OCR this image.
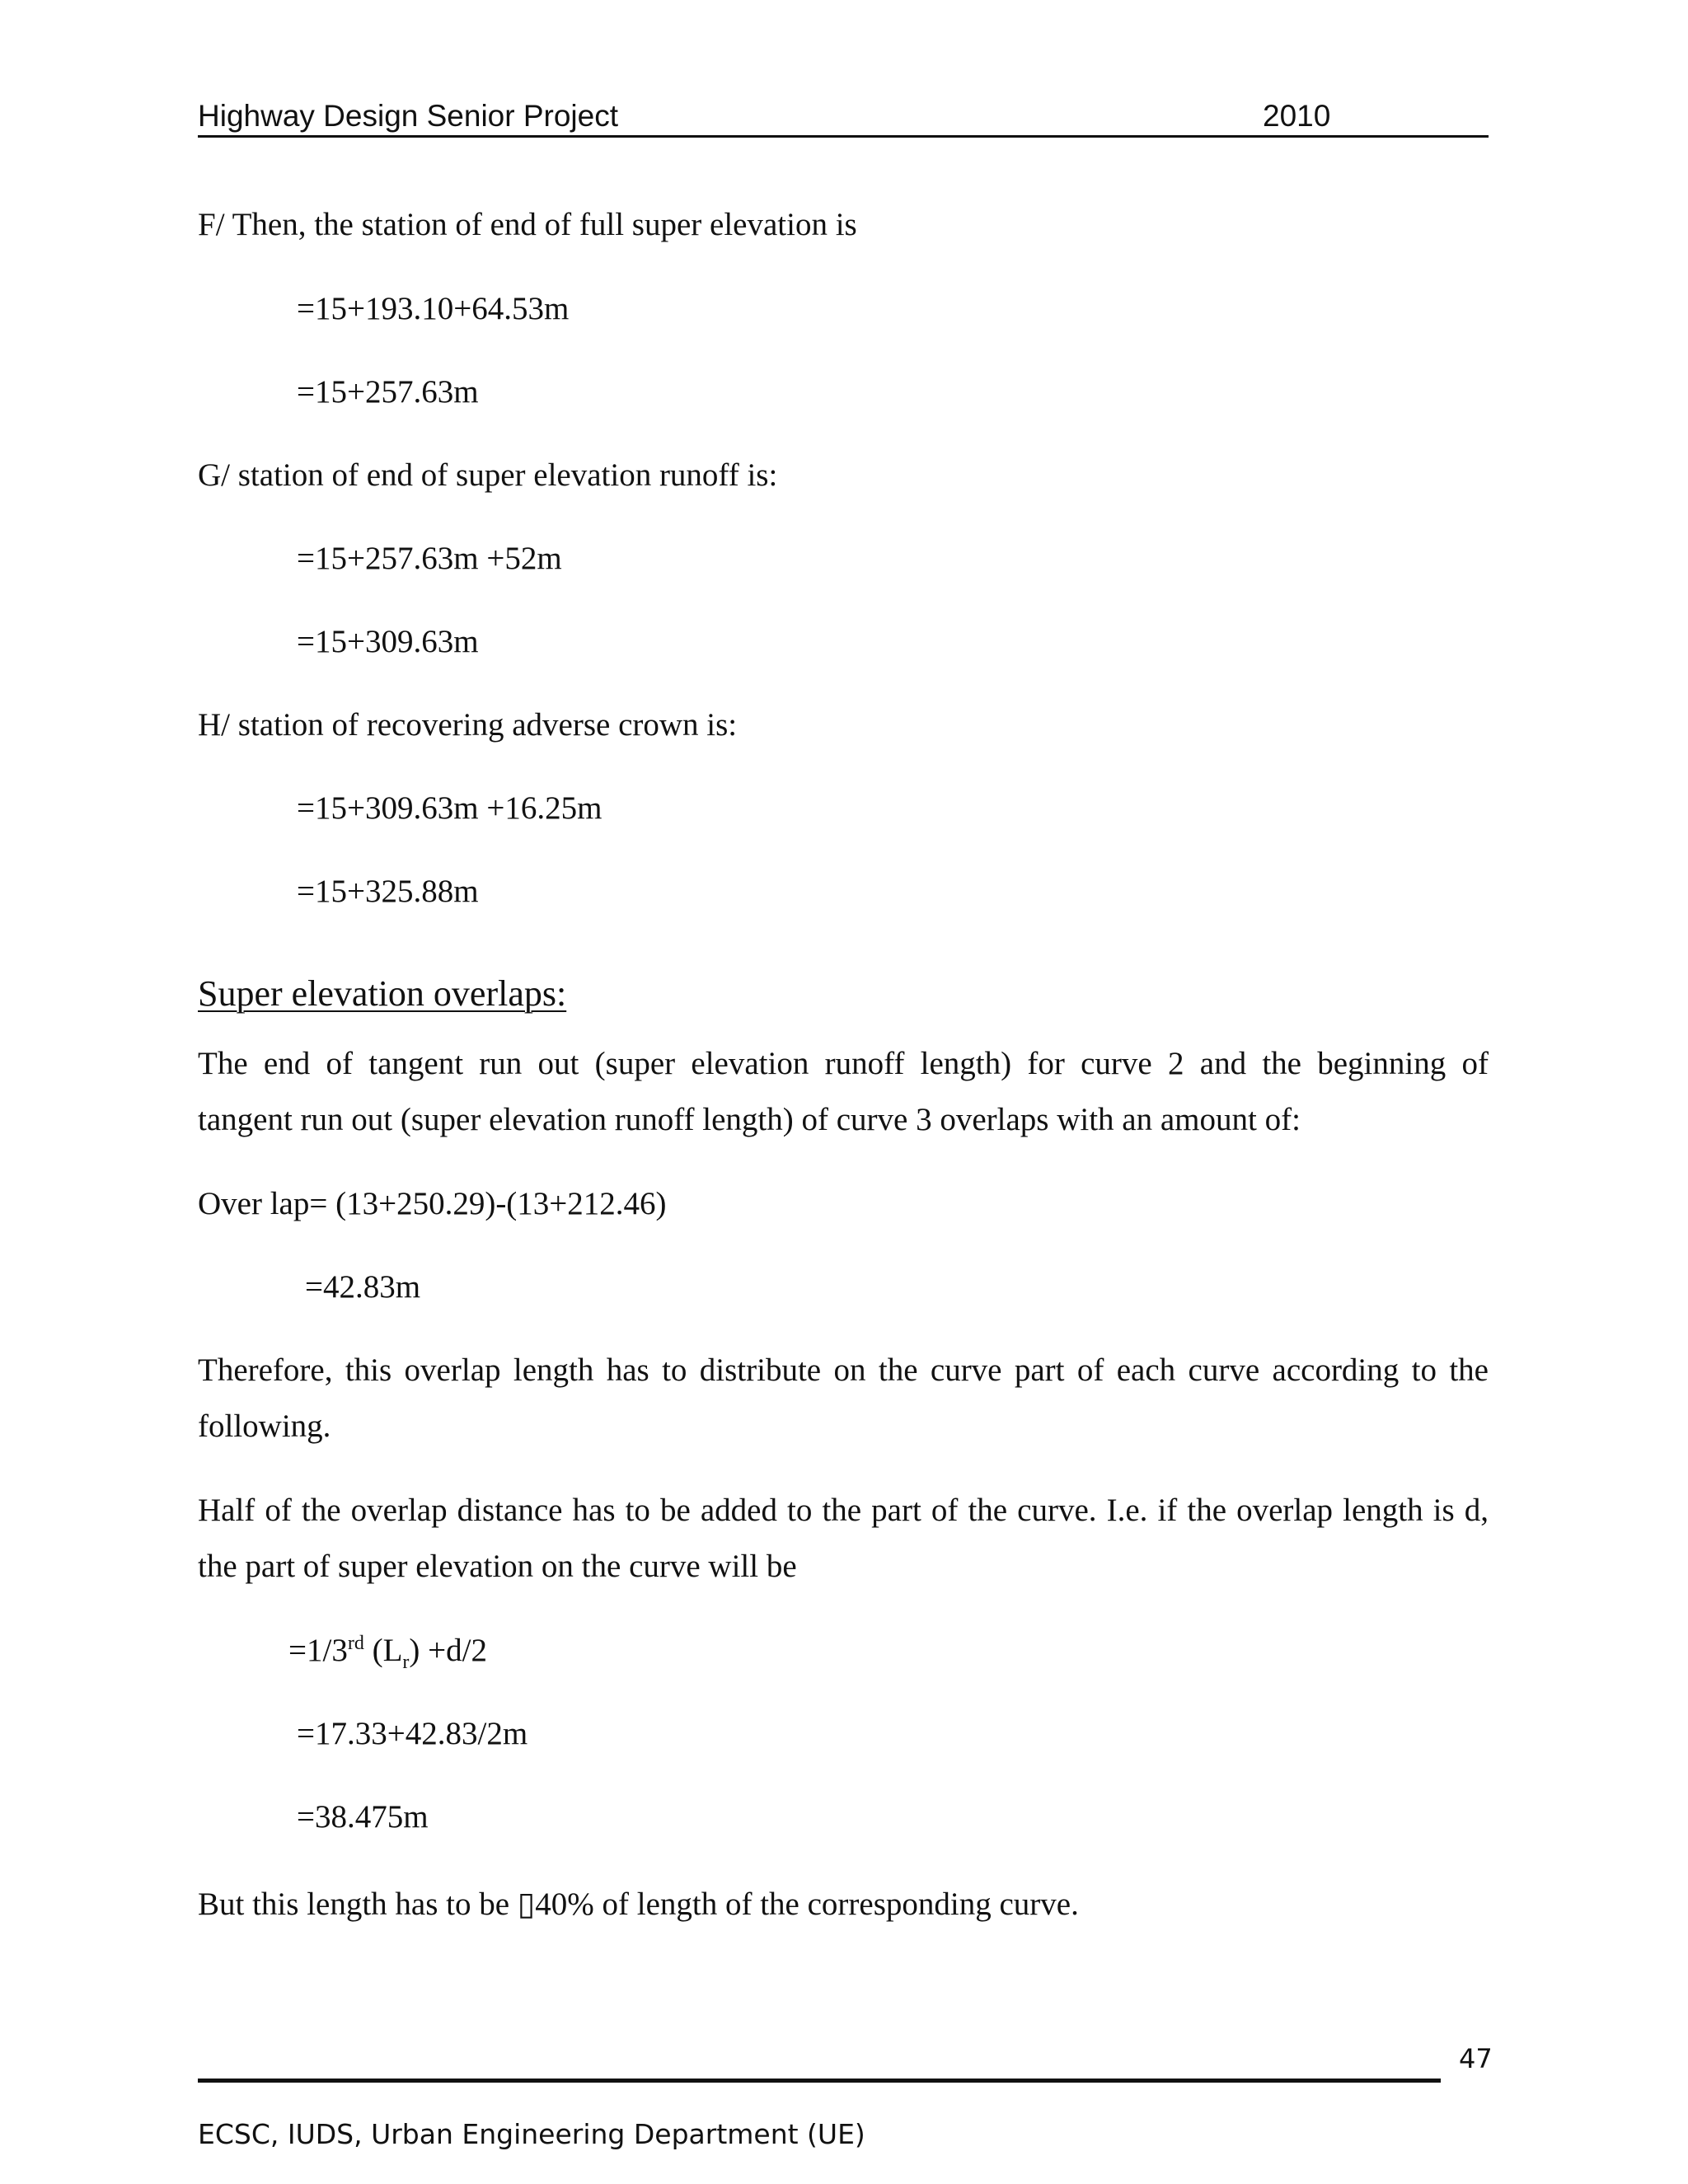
Highway Design Senior Project	2010
F/ Then, the station of end of full super elevation is
=15+193.10+64.53m
=15+257.63m
G/ station of end of super elevation runoff is:
=15+257.63m +52m
=15+309.63m
H/ station of recovering adverse crown is:
=15+309.63m +16.25m
=15+325.88m
Super elevation overlaps:
The end of tangent run out (super elevation runoff length) for curve 2 and the beginning of
tangent run out (super elevation runoff length) of curve 3 overlaps with an amount of:
Over lap= (13+250.29)-(13+212.46)
=42.83m
Therefore, this overlap length has to distribute on the curve part of each curve according to the
following.
Half of the overlap distance has to be added to the part of the curve. I.e. if the overlap length is d,
the part of super elevation on the curve will be
=1/3rd $(L_r) +d/2$
=17.33+42.83/2m
=38.475m
But this length has to be ▯40% of length of the corresponding curve.
47
ECSC, IUDS, Urban Engineering Department (UE)
